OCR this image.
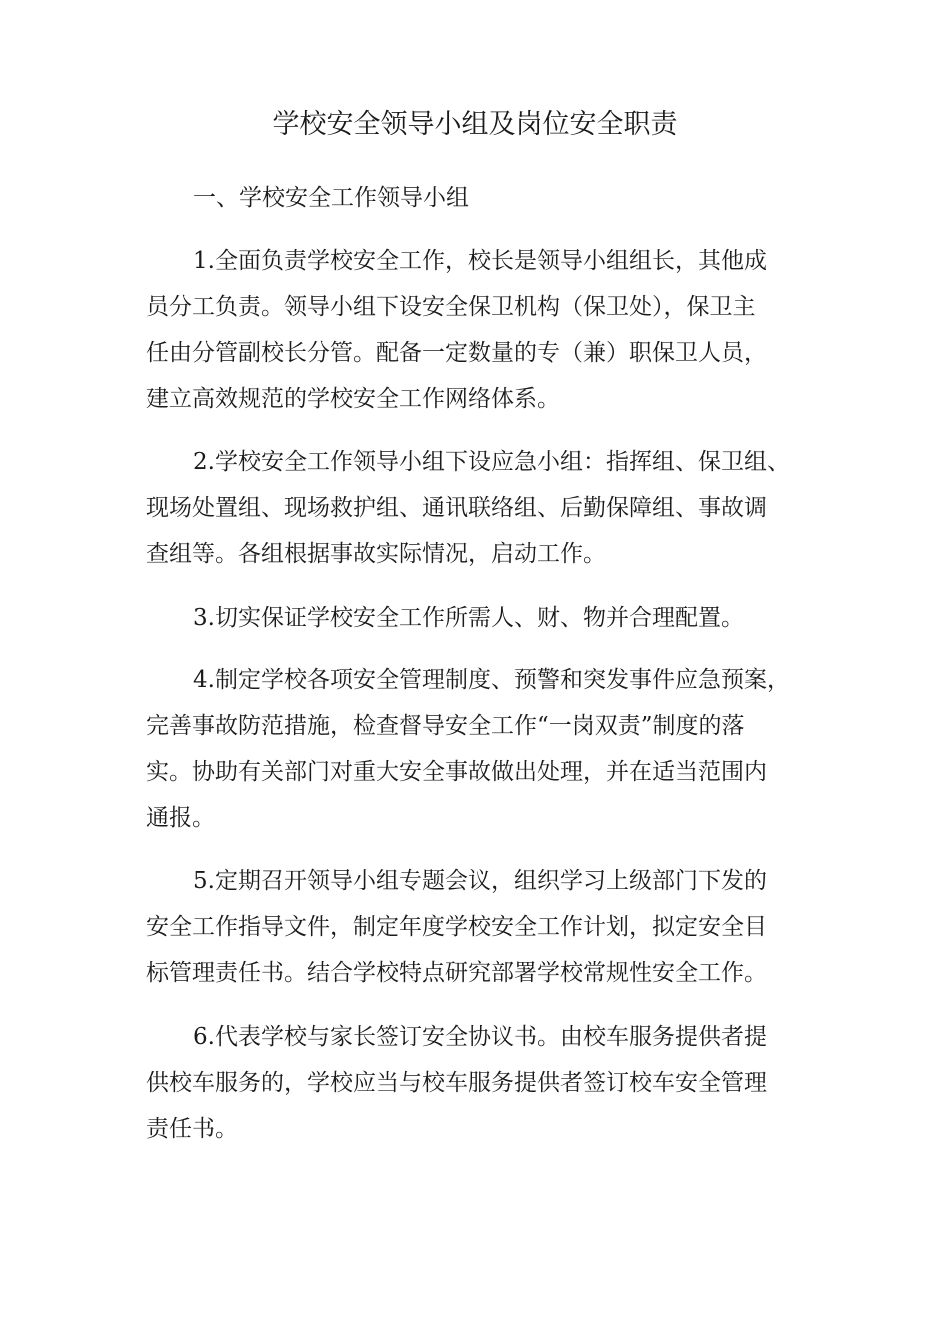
学校安全领导小组及岗位安全职责

一、学校安全工作领导小组

1.全面负责学校安全工作，校长是领导小组组长，其他成
员分工负责。领导小组下设安全保卫机构（保卫处），保卫主
任由分管副校长分管。配备一定数量的专（兼）职保卫人员，
建立高效规范的学校安全工作网络体系。
2.学校安全工作领导小组下设应急小组：指挥组、保卫组、
现场处置组、现场救护组、通讯联络组、后勤保障组、事故调
查组等。各组根据事故实际情况，启动工作。
3.切实保证学校安全工作所需人、财、物并合理配置。
4.制定学校各项安全管理制度、预警和突发事件应急预案，
完善事故防范措施，检查督导安全工作“一岗双责”制度的落
实。协助有关部门对重大安全事故做出处理，并在适当范围内
通报。
5.定期召开领导小组专题会议，组织学习上级部门下发的
安全工作指导文件，制定年度学校安全工作计划，拟定安全目
标管理责任书。结合学校特点研究部署学校常规性安全工作。
6.代表学校与家长签订安全协议书。由校车服务提供者提
供校车服务的，学校应当与校车服务提供者签订校车安全管理
责任书。
